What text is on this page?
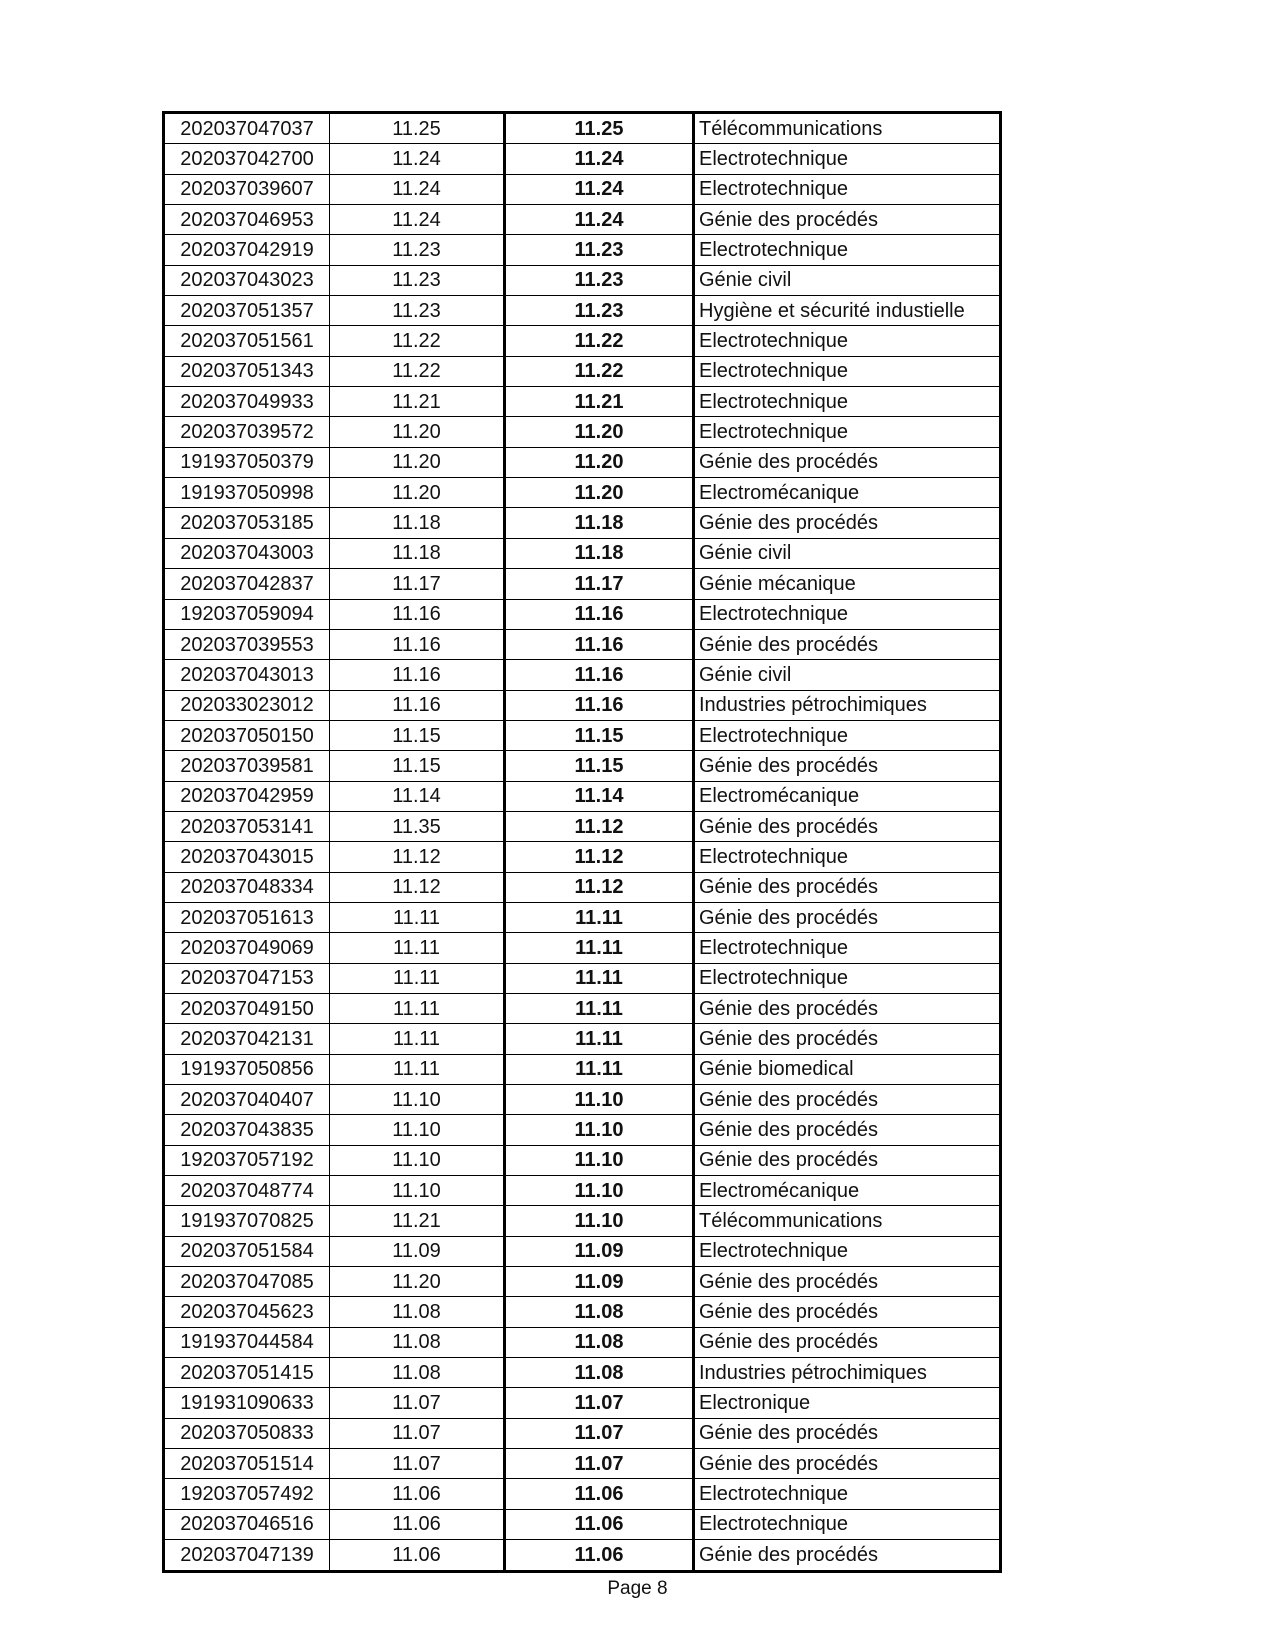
202037047037	11.25	11.25	Télécommunications
202037042700	11.24	11.24	Electrotechnique
202037039607	11.24	11.24	Electrotechnique
202037046953	11.24	11.24	Génie des procédés
202037042919	11.23	11.23	Electrotechnique
202037043023	11.23	11.23	Génie civil
202037051357	11.23	11.23	Hygiène et sécurité industielle
202037051561	11.22	11.22	Electrotechnique
202037051343	11.22	11.22	Electrotechnique
202037049933	11.21	11.21	Electrotechnique
202037039572	11.20	11.20	Electrotechnique
191937050379	11.20	11.20	Génie des procédés
191937050998	11.20	11.20	Electromécanique
202037053185	11.18	11.18	Génie des procédés
202037043003	11.18	11.18	Génie civil
202037042837	11.17	11.17	Génie mécanique
192037059094	11.16	11.16	Electrotechnique
202037039553	11.16	11.16	Génie des procédés
202037043013	11.16	11.16	Génie civil
202033023012	11.16	11.16	Industries pétrochimiques
202037050150	11.15	11.15	Electrotechnique
202037039581	11.15	11.15	Génie des procédés
202037042959	11.14	11.14	Electromécanique
202037053141	11.35	11.12	Génie des procédés
202037043015	11.12	11.12	Electrotechnique
202037048334	11.12	11.12	Génie des procédés
202037051613	11.11	11.11	Génie des procédés
202037049069	11.11	11.11	Electrotechnique
202037047153	11.11	11.11	Electrotechnique
202037049150	11.11	11.11	Génie des procédés
202037042131	11.11	11.11	Génie des procédés
191937050856	11.11	11.11	Génie biomedical
202037040407	11.10	11.10	Génie des procédés
202037043835	11.10	11.10	Génie des procédés
192037057192	11.10	11.10	Génie des procédés
202037048774	11.10	11.10	Electromécanique
191937070825	11.21	11.10	Télécommunications
202037051584	11.09	11.09	Electrotechnique
202037047085	11.20	11.09	Génie des procédés
202037045623	11.08	11.08	Génie des procédés
191937044584	11.08	11.08	Génie des procédés
202037051415	11.08	11.08	Industries pétrochimiques
191931090633	11.07	11.07	Electronique
202037050833	11.07	11.07	Génie des procédés
202037051514	11.07	11.07	Génie des procédés
192037057492	11.06	11.06	Electrotechnique
202037046516	11.06	11.06	Electrotechnique
202037047139	11.06	11.06	Génie des procédés
Page 8
